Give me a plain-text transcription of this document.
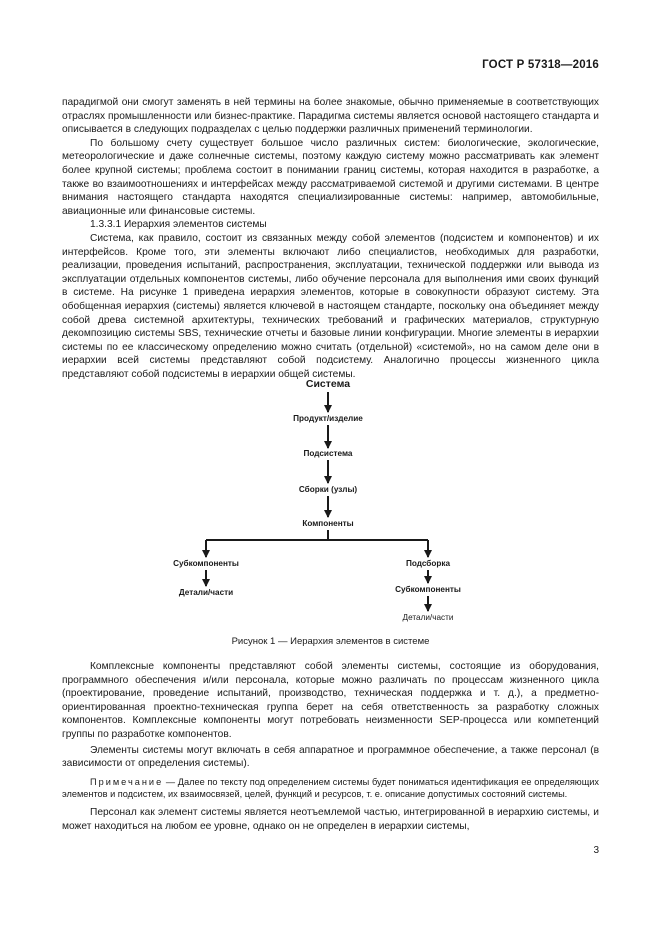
ГОСТ Р 57318—2016

парадигмой они смогут заменять в ней термины на более знакомые, обычно применяемые в соответствующих отраслях промышленности или бизнес-практике. Парадигма системы является основой настоящего стандарта и описывается в следующих подразделах с целью поддержки различных применений терминологии.

По большому счету существует большое число различных систем: биологические, экологические, метеорологические и даже солнечные системы, поэтому каждую систему можно рассматривать как элемент более крупной системы; проблема состоит в понимании границ системы, которая находится в разработке, а также во взаимоотношениях и интерфейсах между рассматриваемой системой и другими системами. В центре внимания настоящего стандарта находятся специализированные системы: например, автомобильные, авиационные или финансовые системы.

1.3.3.1 Иерархия элементов системы

Система, как правило, состоит из связанных между собой элементов (подсистем и компонентов) и их интерфейсов. Кроме того, эти элементы включают либо специалистов, необходимых для разработки, реализации, проведения испытаний, распространения, эксплуатации, технической поддержки или вывода из эксплуатации отдельных компонентов системы, либо обучение персонала для выполнения ими своих функций в системе. На рисунке 1 приведена иерархия элементов, которые в совокупности образуют систему. Эта обобщенная иерархия (системы) является ключевой в настоящем стандарте, поскольку она объединяет между собой древа системной архитектуры, технических требований и графических материалов, структурную декомпозицию системы SBS, технические отчеты и базовые линии конфигурации. Многие элементы в иерархии системы по ее классическому определению можно считать (отдельной) «системой», но на самом деле они в иерархии всей системы представляют собой подсистему. Аналогично процессы жизненного цикла представляют собой подсистемы в иерархии общей системы.

Система
Продукт/изделие
Подсистема
Сборки (узлы)
Компоненты
Субкомпоненты
Детали/части
Подсборка
Субкомпоненты
Детали/части
Рисунок 1 — Иерархия элементов в системе

Комплексные компоненты представляют собой элементы системы, состоящие из оборудования, программного обеспечения и/или персонала, которые можно различать по процессам жизненного цикла (проектирование, проведение испытаний, производство, техническая поддержка и т. д.), а предметно-ориентированная проектно-техническая группа берет на себя ответственность за разработку сложных компонентов. Комплексные компоненты могут потребовать неизменности SEP-процесса или компетенций группы по разработке компонентов.

Элементы системы могут включать в себя аппаратное и программное обеспечение, а также персонал (в зависимости от определения системы).

Примечание — Далее по тексту под определением системы будет пониматься идентификация ее определяющих элементов и подсистем, их взаимосвязей, целей, функций и ресурсов, т. е. описание допустимых состояний системы.

Персонал как элемент системы является неотъемлемой частью, интегрированной в иерархию системы, и может находиться на любом ее уровне, однако он не определен в иерархии системы,

3
